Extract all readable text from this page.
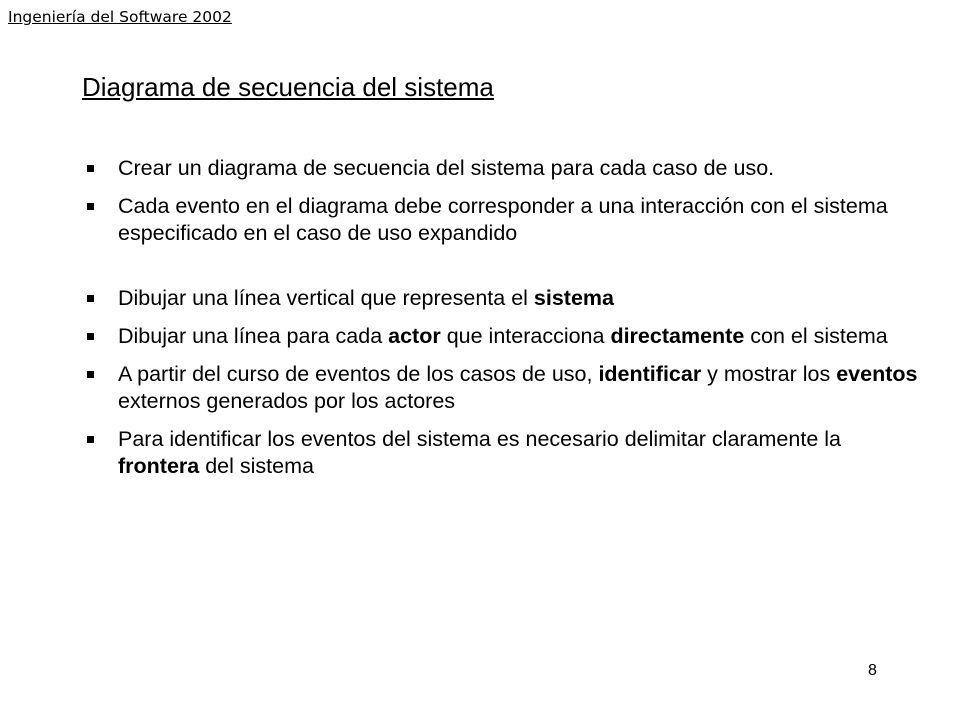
Ingeniería del Software 2002
Diagrama de secuencia del sistema
Crear un diagrama de secuencia del sistema para cada caso de uso.
Cada evento en el diagrama debe corresponder a una interacción con el sistema especificado en el caso de uso expandido
Dibujar una línea vertical que representa el sistema
Dibujar una línea para cada actor que interacciona directamente con el sistema
A partir del curso de eventos de los casos de uso, identificar y mostrar los eventos externos generados por los actores
Para identificar los eventos del sistema es necesario delimitar claramente la frontera del sistema
8
